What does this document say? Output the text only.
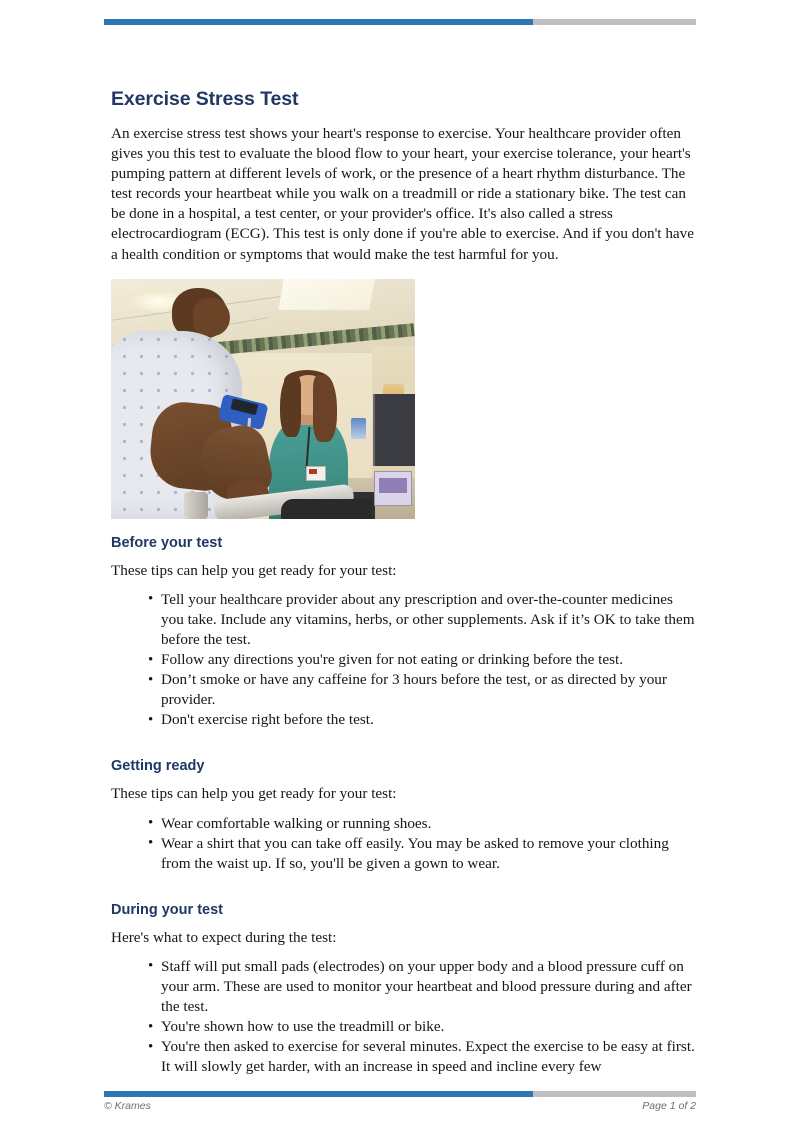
Exercise Stress Test

An exercise stress test shows your heart's response to exercise. Your healthcare provider often gives you this test to evaluate the blood flow to your heart, your exercise tolerance, your heart's pumping pattern at different levels of work, or the presence of a heart rhythm disturbance. The test records your heartbeat while you walk on a treadmill or ride a stationary bike. The test can be done in a hospital, a test center, or your provider's office. It's also called a stress electrocardiogram (ECG). This test is only done if you're able to exercise. And if you don't have a health condition or symptoms that would make the test harmful for you.

Before your test

These tips can help you get ready for your test:

• Tell your healthcare provider about any prescription and over-the-counter medicines you take. Include any vitamins, herbs, or other supplements. Ask if it’s OK to take them before the test.
• Follow any directions you're given for not eating or drinking before the test.
• Don’t smoke or have any caffeine for 3 hours before the test, or as directed by your provider.
• Don't exercise right before the test.
Getting ready

These tips can help you get ready for your test:

• Wear comfortable walking or running shoes.
• Wear a shirt that you can take off easily. You may be asked to remove your clothing from the waist up. If so, you'll be given a gown to wear.
During your test

Here's what to expect during the test:

• Staff will put small pads (electrodes) on your upper body and a blood pressure cuff on your arm. These are used to monitor your heartbeat and blood pressure during and after the test.
• You're shown how to use the treadmill or bike.
• You're then asked to exercise for several minutes. Expect the exercise to be easy at first. It will slowly get harder, with an increase in speed and incline every few
© Krames	Page 1 of 2
